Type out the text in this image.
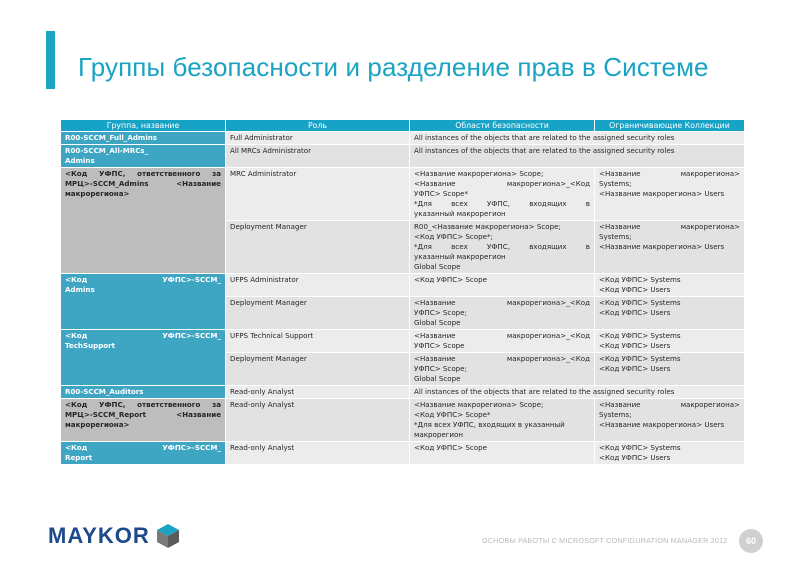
Группы безопасности и разделение прав в Системе
Группа, название	Роль	Области безопасности	Ограничивающие Коллекции

R00-SCCM_Full_Admins	Full Administrator	All instances of the objects that are related to the assigned security roles	

R00-SCCM_All-MRCs_
Admins	All MRCs Administrator	All instances of the objects that are related to the assigned security roles	

<Код УФПС, ответственного за
МРЦ>-SCCM_Admins <Название
макрорегиона>	MRC Administrator	<Название макрорегиона> Scope;
<Название макрорегиона>_<Код
УФПС> Scope*
*Для всех УФПС, входящих в
указанный макрорегион	<Название макрорегиона>
Systems;
<Название макрорегиона> Users

	Deployment Manager	R00_<Название макрорегиона> Scope;
<Код УФПС> Scope*;
*Для всех УФПС, входящих в
указанный макрорегион
Global Scope	<Название макрорегиона>
Systems;
<Название макрорегиона> Users

<Код УФПС>-SCCM_
Admins	UFPS Administrator	<Код УФПС> Scope	<Код УФПС> Systems
<Код УФПС> Users

	Deployment Manager	<Название макрорегиона>_<Код
УФПС> Scope;
Global Scope	<Код УФПС> Systems
<Код УФПС> Users

<Код УФПС>-SCCM_
TechSupport	UFPS Technical Support	<Название макрорегиона>_<Код
УФПС> Scope	<Код УФПС> Systems
<Код УФПС> Users

	Deployment Manager	<Название макрорегиона>_<Код
УФПС> Scope;
Global Scope	<Код УФПС> Systems
<Код УФПС> Users

R00-SCCM_Auditors	Read-only Analyst	All instances of the objects that are related to the assigned security roles	

<Код УФПС, ответственного за
МРЦ>-SCCM_Report <Название
макрорегиона>	Read-only Analyst	<Название макрорегиона> Scope;
<Код УФПС> Scope*
*Для всех УФПС, входящих в указанный
макрорегион	<Название макрорегиона>
Systems;
<Название макрорегиона> Users

<Код УФПС>-SCCM_
Report	Read-only Analyst	<Код УФПС> Scope	<Код УФПС> Systems
<Код УФПС> Users
MAYKOR	ОСНОВЫ РАБОТЫ С MICROSOFT CONFIGURATION MANAGER 2012	60
